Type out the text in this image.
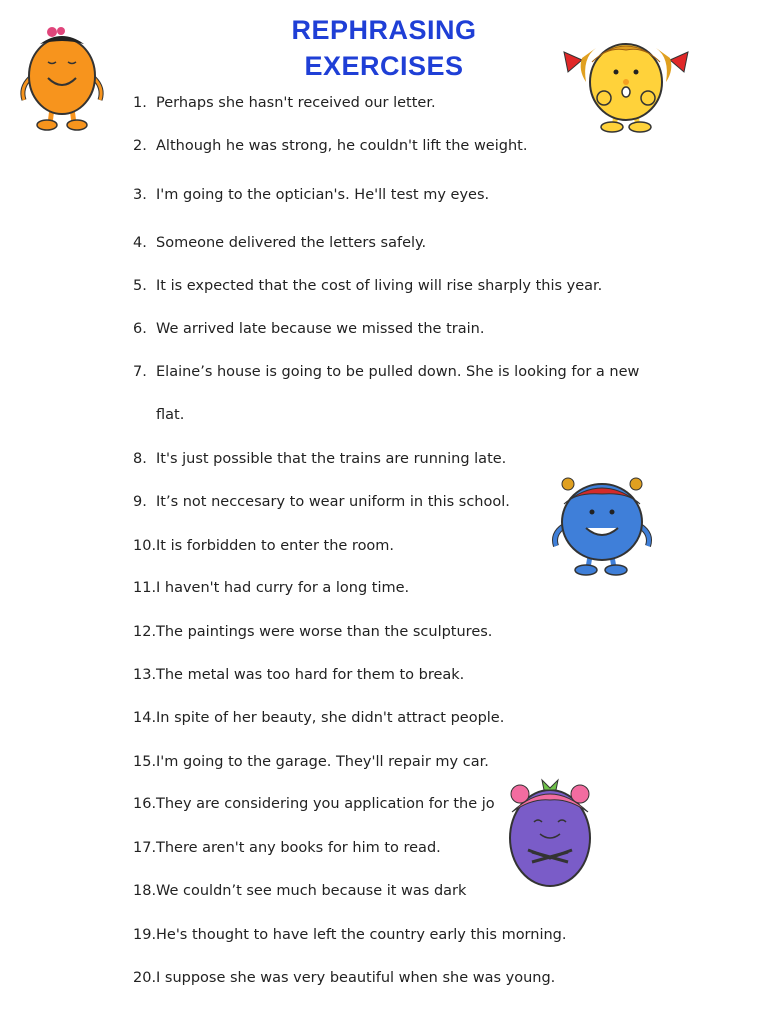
REPHRASING
EXERCISES
1. Perhaps she hasn't received our letter.
2. Although he was strong, he couldn't lift the weight.
3. I'm going to the optician's. He'll test my eyes.
4. Someone delivered the letters safely.
5. It is expected that the cost of living will rise sharply this year.
6. We arrived late because we missed the train.
7. Elaine’s house is going to be pulled down. She is looking for a new
flat.
8. It's just possible that the trains are running late.
9. It’s not neccesary to wear uniform in this school.
10.It is forbidden to enter the room.
11.I haven't had curry for a long time.
12.The paintings were worse than the sculptures.
13.The metal was too hard for them to break.
14.In spite of her beauty, she didn't attract people.
15.I'm going to the garage. They'll repair my car.
16.They are considering you application for the jo
17.There aren't any books for him to read.
18.We couldn’t see much because it was dark
19.He's thought to have left the country early this morning.
20.I suppose she was very beautiful when she was young.
